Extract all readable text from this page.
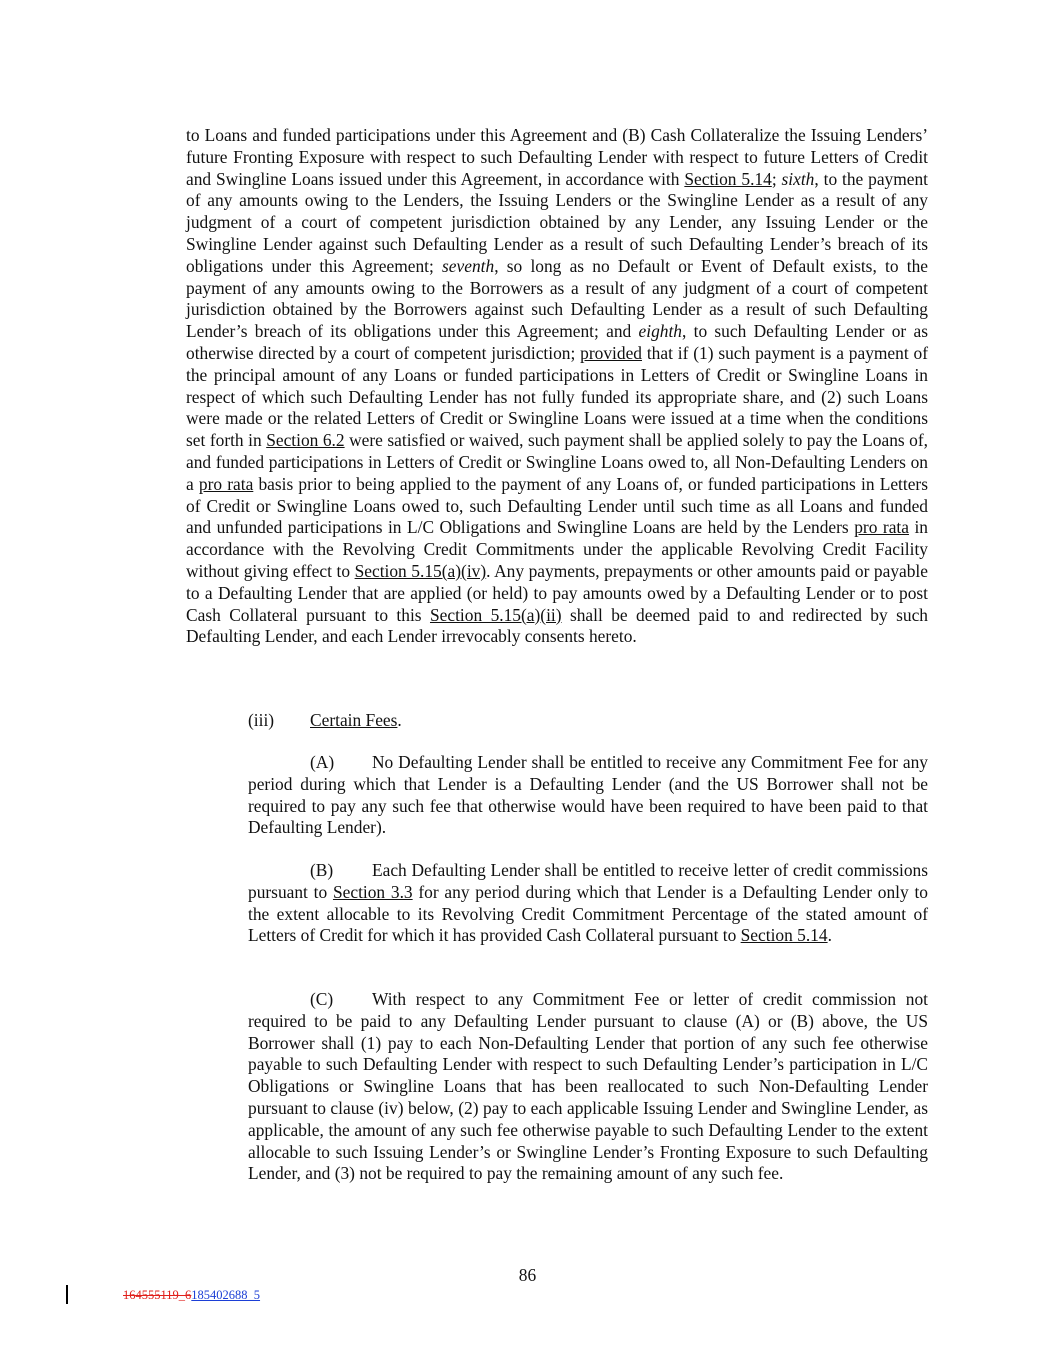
to Loans and funded participations under this Agreement and (B) Cash Collateralize the Issuing Lenders’ future Fronting Exposure with respect to such Defaulting Lender with respect to future Letters of Credit and Swingline Loans issued under this Agreement, in accordance with Section 5.14; sixth, to the payment of any amounts owing to the Lenders, the Issuing Lenders or the Swingline Lender as a result of any judgment of a court of competent jurisdiction obtained by any Lender, any Issuing Lender or the Swingline Lender against such Defaulting Lender as a result of such Defaulting Lender’s breach of its obligations under this Agreement; seventh, so long as no Default or Event of Default exists, to the payment of any amounts owing to the Borrowers as a result of any judgment of a court of competent jurisdiction obtained by the Borrowers against such Defaulting Lender as a result of such Defaulting Lender’s breach of its obligations under this Agreement; and eighth, to such Defaulting Lender or as otherwise directed by a court of competent jurisdiction; provided that if (1) such payment is a payment of the principal amount of any Loans or funded participations in Letters of Credit or Swingline Loans in respect of which such Defaulting Lender has not fully funded its appropriate share, and (2) such Loans were made or the related Letters of Credit or Swingline Loans were issued at a time when the conditions set forth in Section 6.2 were satisfied or waived, such payment shall be applied solely to pay the Loans of, and funded participations in Letters of Credit or Swingline Loans owed to, all Non-Defaulting Lenders on a pro rata basis prior to being applied to the payment of any Loans of, or funded participations in Letters of Credit or Swingline Loans owed to, such Defaulting Lender until such time as all Loans and funded and unfunded participations in L/C Obligations and Swingline Loans are held by the Lenders pro rata in accordance with the Revolving Credit Commitments under the applicable Revolving Credit Facility without giving effect to Section 5.15(a)(iv). Any payments, prepayments or other amounts paid or payable to a Defaulting Lender that are applied (or held) to pay amounts owed by a Defaulting Lender or to post Cash Collateral pursuant to this Section 5.15(a)(ii) shall be deemed paid to and redirected by such Defaulting Lender, and each Lender irrevocably consents hereto.

(iii) Certain Fees.

(A) No Defaulting Lender shall be entitled to receive any Commitment Fee for any period during which that Lender is a Defaulting Lender (and the US Borrower shall not be required to pay any such fee that otherwise would have been required to have been paid to that Defaulting Lender).

(B) Each Defaulting Lender shall be entitled to receive letter of credit commissions pursuant to Section 3.3 for any period during which that Lender is a Defaulting Lender only to the extent allocable to its Revolving Credit Commitment Percentage of the stated amount of Letters of Credit for which it has provided Cash Collateral pursuant to Section 5.14.

(C) With respect to any Commitment Fee or letter of credit commission not required to be paid to any Defaulting Lender pursuant to clause (A) or (B) above, the US Borrower shall (1) pay to each Non-Defaulting Lender that portion of any such fee otherwise payable to such Defaulting Lender with respect to such Defaulting Lender’s participation in L/C Obligations or Swingline Loans that has been reallocated to such Non-Defaulting Lender pursuant to clause (iv) below, (2) pay to each applicable Issuing Lender and Swingline Lender, as applicable, the amount of any such fee otherwise payable to such Defaulting Lender to the extent allocable to such Issuing Lender’s or Swingline Lender’s Fronting Exposure to such Defaulting Lender, and (3) not be required to pay the remaining amount of any such fee.

86
164555119_6185402688_5
